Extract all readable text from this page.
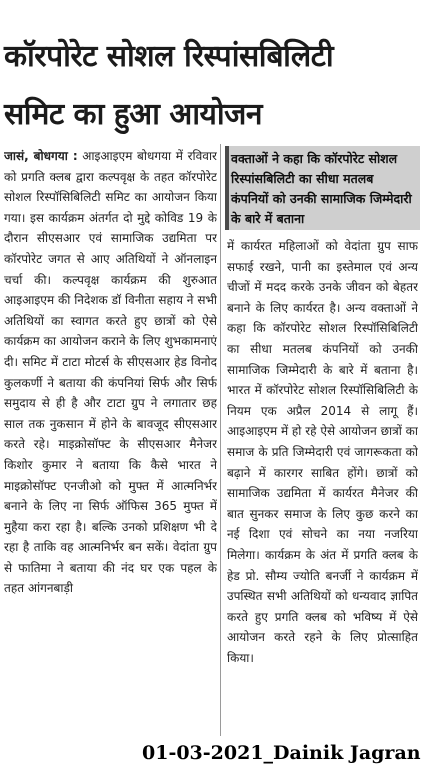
कॉरपोरेट सोशल रिस्पांसबिलिटी
समिट का हुआ आयोजन
जासं, बोधगया : आइआइएम बोधगया में रविवार को प्रगति क्लब द्वारा कल्पवृक्ष के तहत कॉरपोरेट सोशल रिस्पॉसिबिलिटी समिट का आयोजन किया गया। इस कार्यक्रम अंतर्गत दो मुद्दे कोविड 19 के दौरान सीएसआर एवं सामाजिक उद्यमिता पर कॉरपोरेट जगत से आए अतिथियों ने ऑनलाइन चर्चा की। कल्पवृक्ष कार्यक्रम की शुरुआत आइआइएम की निदेशक डॉ विनीता सहाय ने सभी अतिथियों का स्वागत करते हुए छात्रों को ऐसे कार्यक्रम का आयोजन कराने के लिए शुभकामनाएं दी। समिट में टाटा मोटर्स के सीएसआर हेड विनोद कुलकर्णी ने बताया की कंपनियां सिर्फ और सिर्फ समुदाय से ही है और टाटा ग्रुप ने लगातार छह साल तक नुकसान में होने के बावजूद सीएसआर करते रहे। माइक्रोसॉफ्ट के सीएसआर मैनेजर किशोर कुमार ने बताया कि कैसे भारत ने माइक्रोसॉफ्ट एनजीओ को मुफ्त में आत्मनिर्भर बनाने के लिए ना सिर्फ ऑफिस 365 मुफ्त में मुहैया करा रहा है। बल्कि उनको प्रशिक्षण भी दे रहा है ताकि वह आत्मनिर्भर बन सकें। वेदांता ग्रुप से फातिमा ने बताया की नंद घर एक पहल के तहत आंगनबाड़ी
वक्ताओं ने कहा कि कॉरपोरेट सोशल रिस्पांसबिलिटी का सीधा मतलब कंपनियों को उनकी सामाजिक जिम्मेदारी के बारे में बताना
में कार्यरत महिलाओं को वेदांता ग्रुप साफ सफाई रखने, पानी का इस्तेमाल एवं अन्य चीजों में मदद करके उनके जीवन को बेहतर बनाने के लिए कार्यरत है। अन्य वक्ताओं ने कहा कि कॉरपोरेट सोशल रिस्पॉसिबिलिटी का सीधा मतलब कंपनियों को उनकी सामाजिक जिम्मेदारी के बारे में बताना है। भारत में कॉरपोरेट सोशल रिस्पॉसिबिलिटी के नियम एक अप्रैल 2014 से लागू हैं। आइआइएम में हो रहे ऐसे आयोजन छात्रों का समाज के प्रति जिम्मेदारी एवं जागरूकता को बढ़ाने में कारगर साबित होंगे। छात्रों को सामाजिक उद्यमिता में कार्यरत मैनेजर की बात सुनकर समाज के लिए कुछ करने का नई दिशा एवं सोचने का नया नजरिया मिलेगा। कार्यक्रम के अंत में प्रगति क्लब के हेड प्रो. सौम्य ज्योति बनर्जी ने कार्यक्रम में उपस्थित सभी अतिथियों को धन्यवाद ज्ञापित करते हुए प्रगति क्लब को भविष्य में ऐसे आयोजन करते रहने के लिए प्रोत्साहित किया।
01-03-2021_Dainik Jagran
